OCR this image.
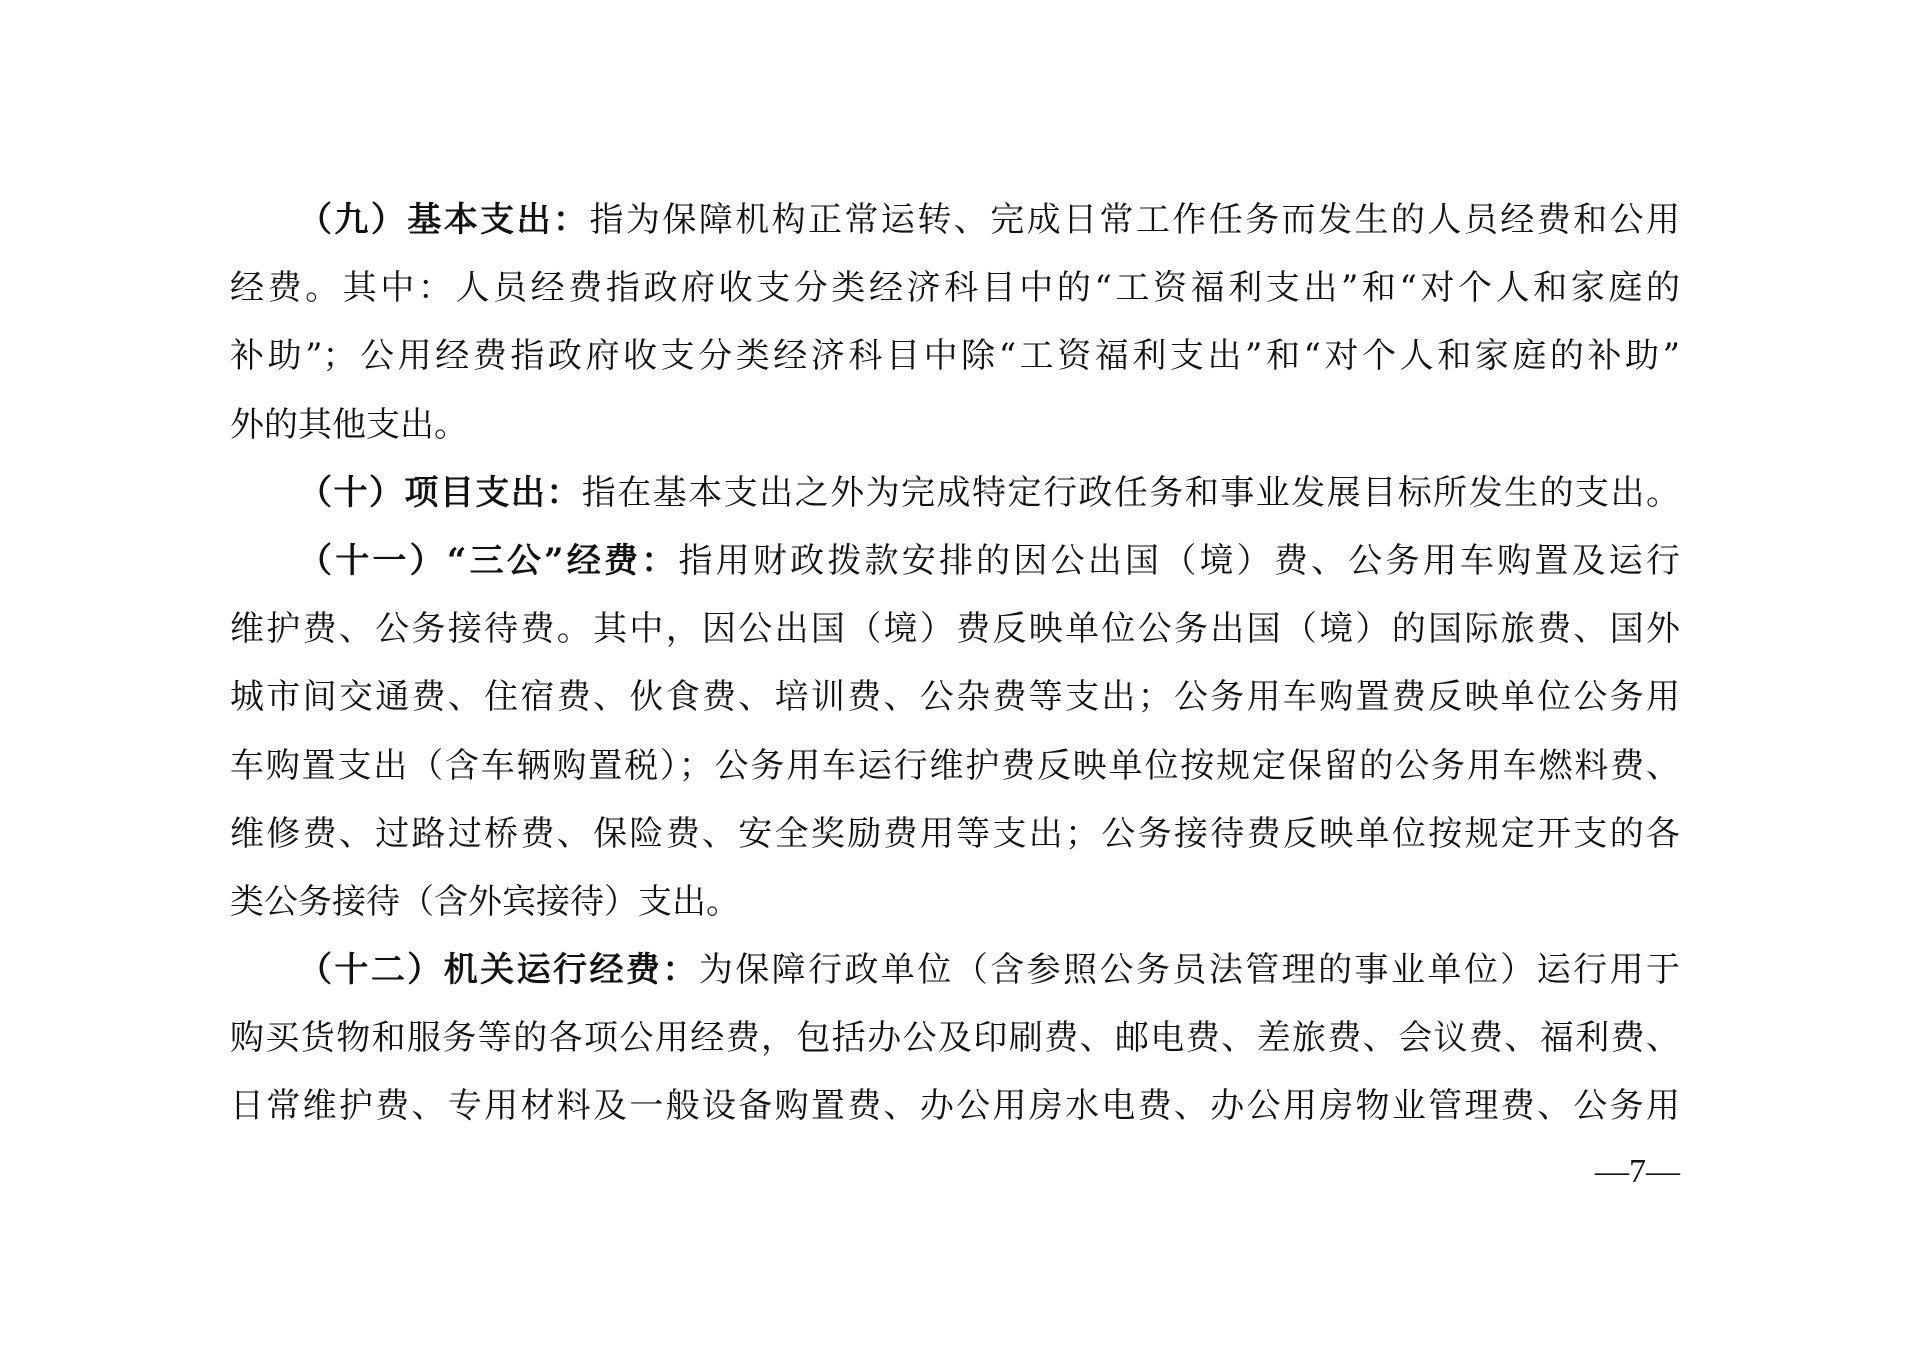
（九）基本支出：指为保障机构正常运转、完成日常工作任务而发生的人员经费和公用
经费。其中：人员经费指政府收支分类经济科目中的“工资福利支出”和“对个人和家庭的
补助”；公用经费指政府收支分类经济科目中除“工资福利支出”和“对个人和家庭的补助”
外的其他支出。
（十）项目支出：指在基本支出之外为完成特定行政任务和事业发展目标所发生的支出。
（十一）“三公”经费：指用财政拨款安排的因公出国（境）费、公务用车购置及运行
维护费、公务接待费。其中，因公出国（境）费反映单位公务出国（境）的国际旅费、国外
城市间交通费、住宿费、伙食费、培训费、公杂费等支出；公务用车购置费反映单位公务用
车购置支出（含车辆购置税）；公务用车运行维护费反映单位按规定保留的公务用车燃料费、
维修费、过路过桥费、保险费、安全奖励费用等支出；公务接待费反映单位按规定开支的各
类公务接待（含外宾接待）支出。
（十二）机关运行经费：为保障行政单位（含参照公务员法管理的事业单位）运行用于
购买货物和服务等的各项公用经费，包括办公及印刷费、邮电费、差旅费、会议费、福利费、
日常维护费、专用材料及一般设备购置费、办公用房水电费、办公用房物业管理费、公务用
—7—
